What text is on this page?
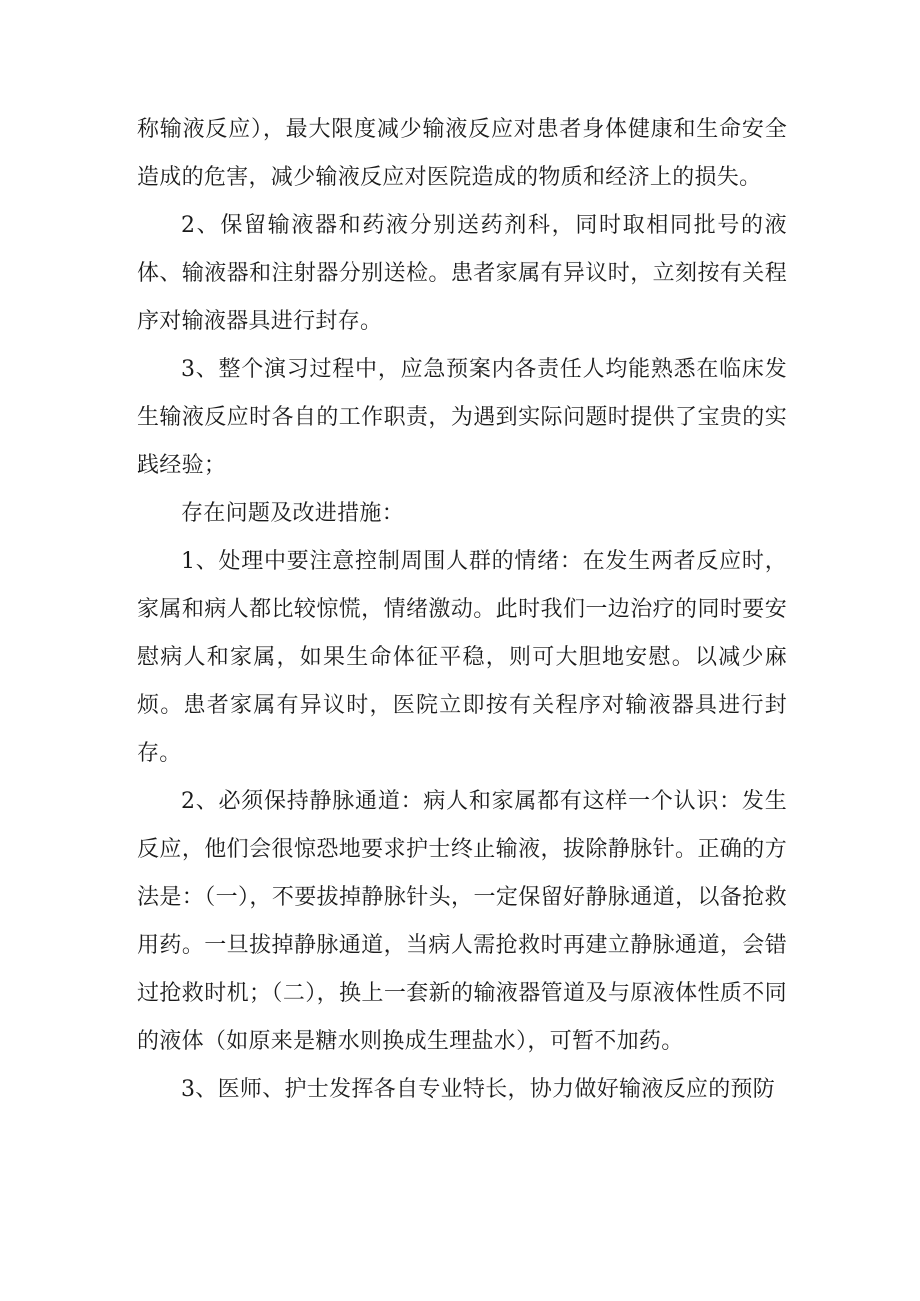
称输液反应），最大限度减少输液反应对患者身体健康和生命安全造成的危害，减少输液反应对医院造成的物质和经济上的损失。

2、保留输液器和药液分别送药剂科，同时取相同批号的液体、输液器和注射器分别送检。患者家属有异议时，立刻按有关程序对输液器具进行封存。

3、整个演习过程中，应急预案内各责任人均能熟悉在临床发生输液反应时各自的工作职责，为遇到实际问题时提供了宝贵的实践经验；

存在问题及改进措施：

1、处理中要注意控制周围人群的情绪：在发生两者反应时，家属和病人都比较惊慌，情绪激动。此时我们一边治疗的同时要安慰病人和家属，如果生命体征平稳，则可大胆地安慰。以减少麻烦。患者家属有异议时，医院立即按有关程序对输液器具进行封存。

2、必须保持静脉通道：病人和家属都有这样一个认识：发生反应，他们会很惊恐地要求护士终止输液，拔除静脉针。正确的方法是：（一），不要拔掉静脉针头，一定保留好静脉通道，以备抢救用药。一旦拔掉静脉通道，当病人需抢救时再建立静脉通道，会错过抢救时机；（二），换上一套新的输液器管道及与原液体性质不同的液体（如原来是糖水则换成生理盐水），可暂不加药。

3、医师、护士发挥各自专业特长，协力做好输液反应的预防
